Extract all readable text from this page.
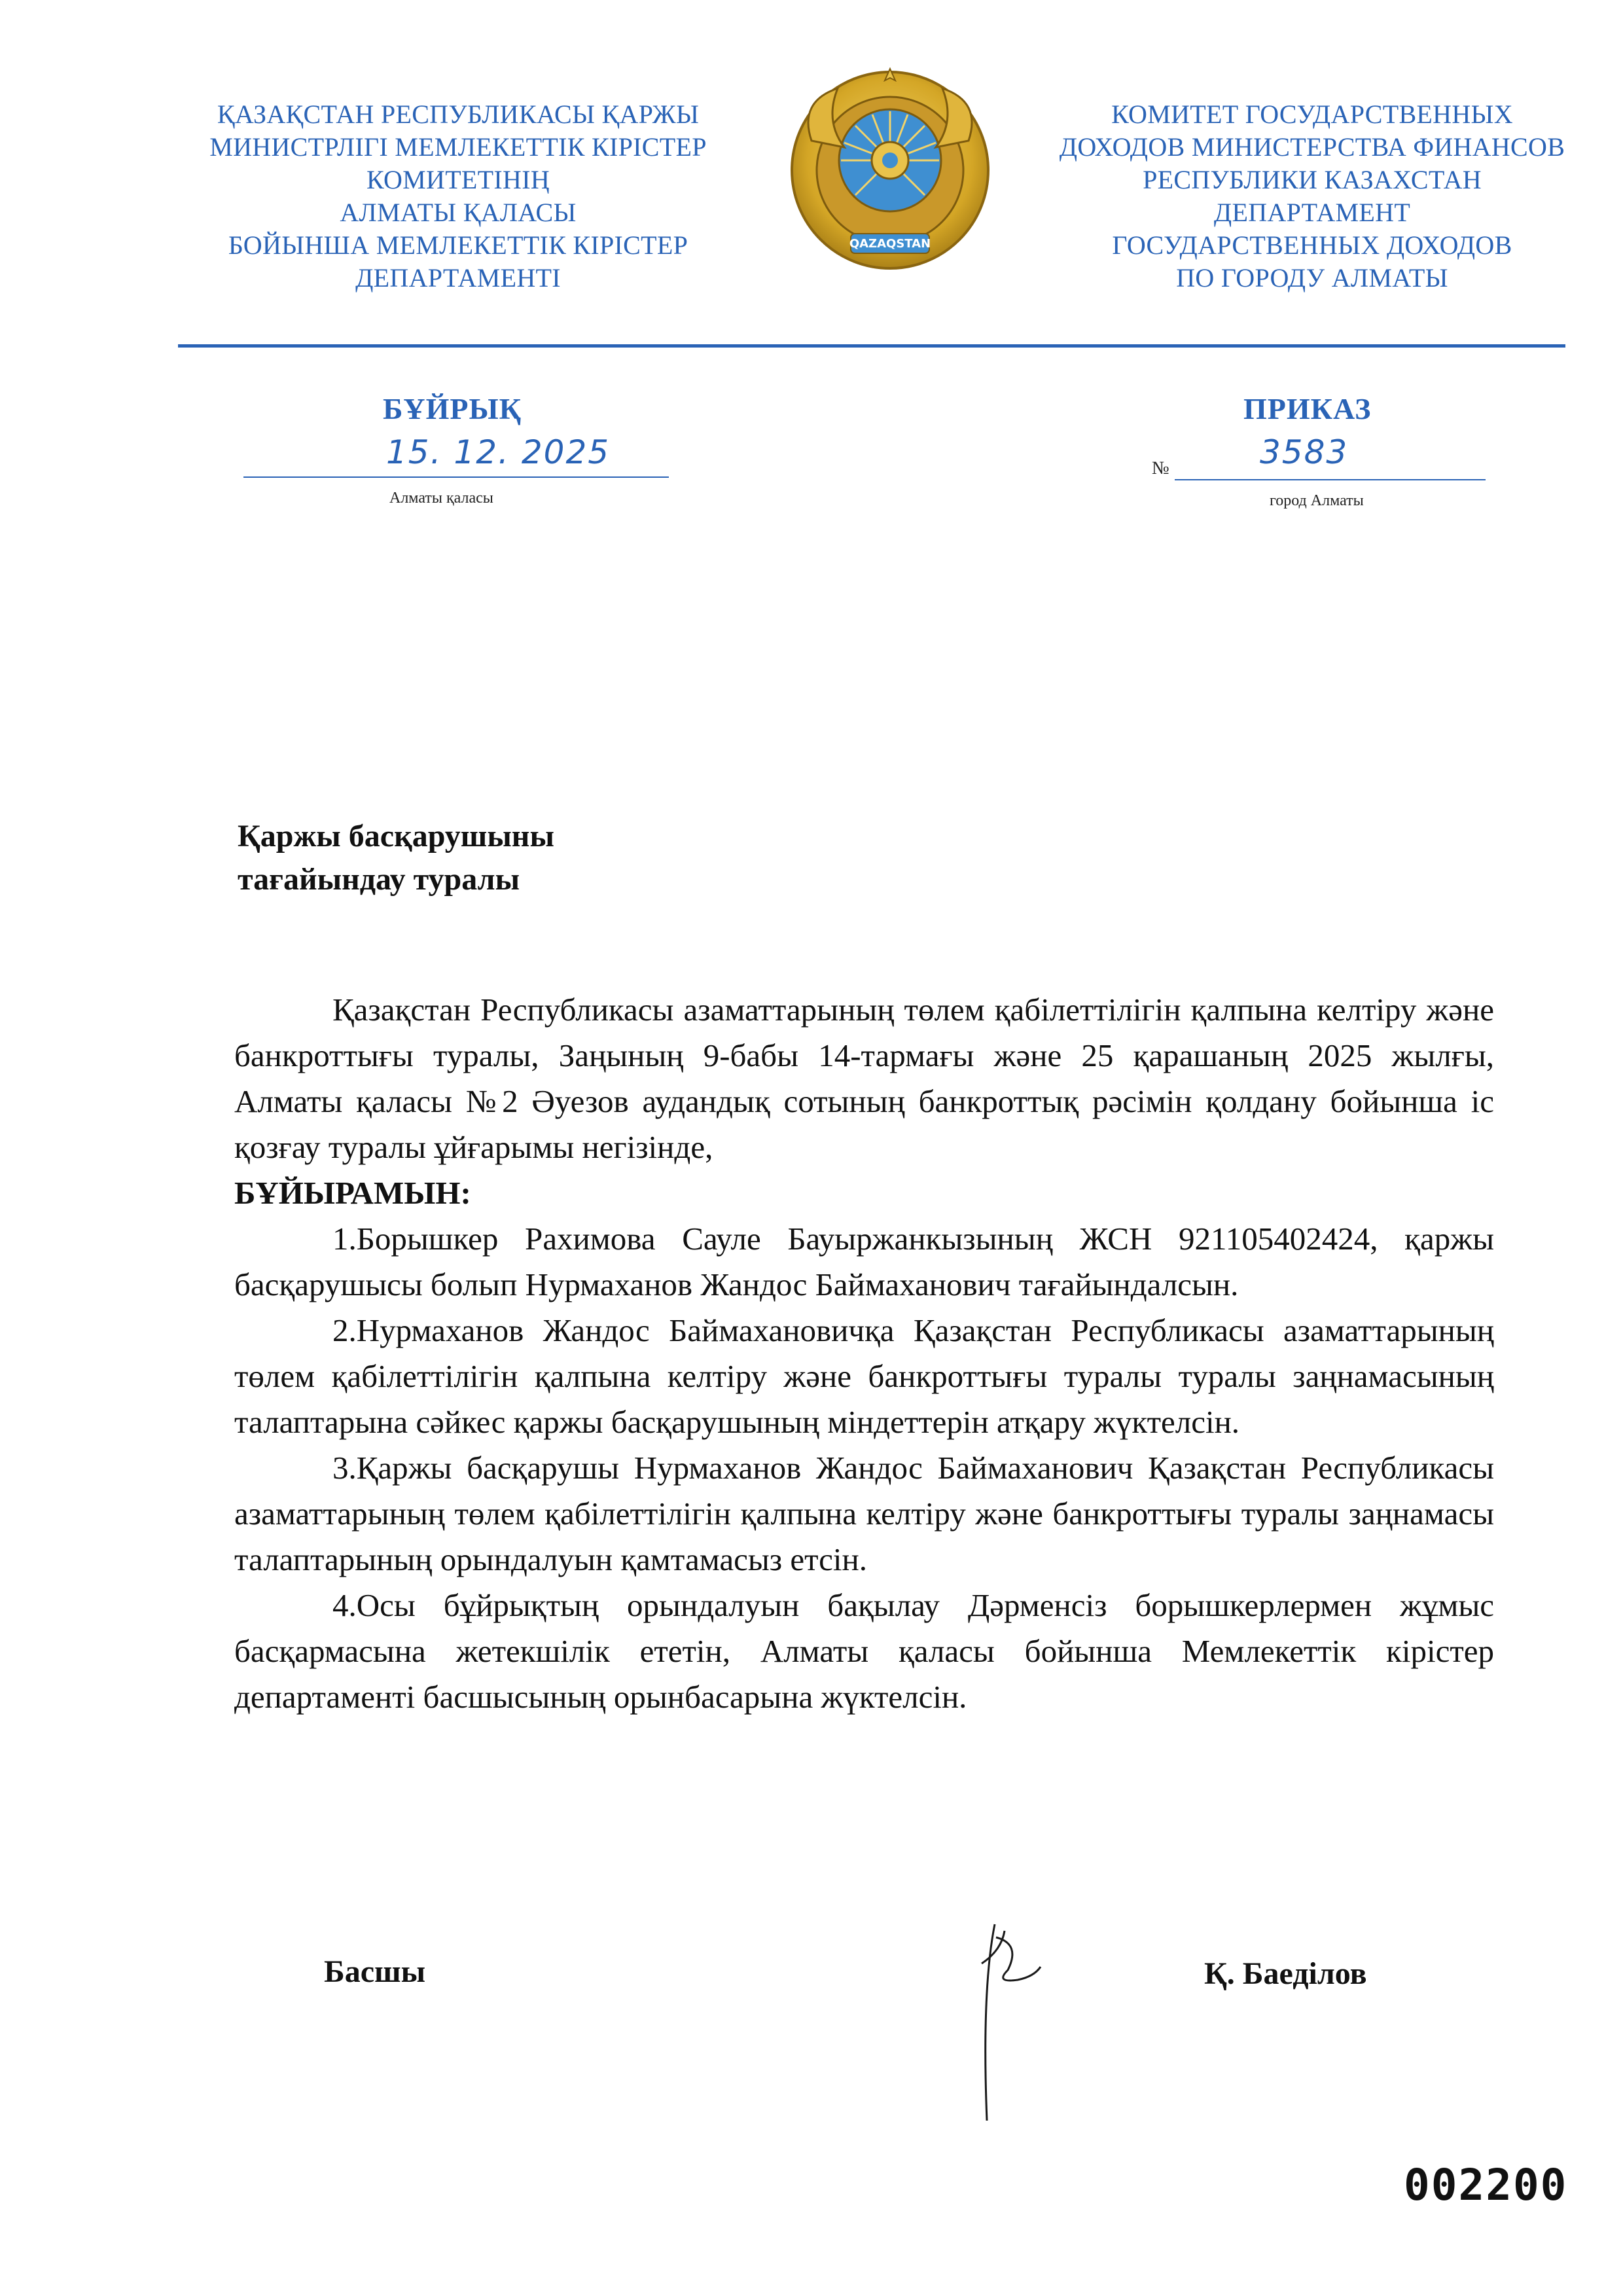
ҚАЗАҚСТАН РЕСПУБЛИКАСЫ ҚАРЖЫ
МИНИСТРЛІГІ МЕМЛЕКЕТТІК КІРІСТЕР
КОМИТЕТІНІҢ
АЛМАТЫ ҚАЛАСЫ
БОЙЫНША МЕМЛЕКЕТТІК КІРІСТЕР
ДЕПАРТАМЕНТІ
QAZAQSTAN
КОМИТЕТ ГОСУДАРСТВЕННЫХ
ДОХОДОВ МИНИСТЕРСТВА ФИНАНСОВ
РЕСПУБЛИКИ КАЗАХСТАН
ДЕПАРТАМЕНТ
ГОСУДАРСТВЕННЫХ ДОХОДОВ
ПО ГОРОДУ АЛМАТЫ
БҰЙРЫҚ	ПРИКАЗ
15. 12. 2025
Алматы қаласы
№	3583
город Алматы
Қаржы басқарушыны
тағайындау туралы

Қазақстан Республикасы азаматтарының төлем қабілеттілігін қалпына келтіру және банкроттығы туралы, Заңының 9-бабы 14-тармағы және 25 қарашаның 2025 жылғы, Алматы қаласы №2 Әуезов аудандық сотының банкроттық рәсімін қолдану бойынша іс қозғау туралы ұйғарымы негізінде,

БҰЙЫРАМЫН:

1.Борышкер Рахимова Сауле Бауыржанкызының ЖСН 921105402424, қаржы басқарушысы болып Нурмаханов Жандос Баймаханович тағайындалсын.

2.Нурмаханов Жандос Баймахановичқа Қазақстан Республикасы азаматтарының төлем қабілеттілігін қалпына келтіру және банкроттығы туралы туралы заңнамасының талаптарына сәйкес қаржы басқарушының міндеттерін атқару жүктелсін.

3.Қаржы басқарушы Нурмаханов Жандос Баймаханович Қазақстан Республикасы азаматтарының төлем қабілеттілігін қалпына келтіру және банкроттығы туралы заңнамасы талаптарының орындалуын қамтамасыз етсін.

4.Осы бұйрықтың орындалуын бақылау Дәрменсіз борышкерлермен жұмыс басқармасына жетекшілік ететін, Алматы қаласы бойынша Мемлекеттік кірістер департаменті басшысының орынбасарына жүктелсін.

Басшы	Қ. Баеділов
002200
